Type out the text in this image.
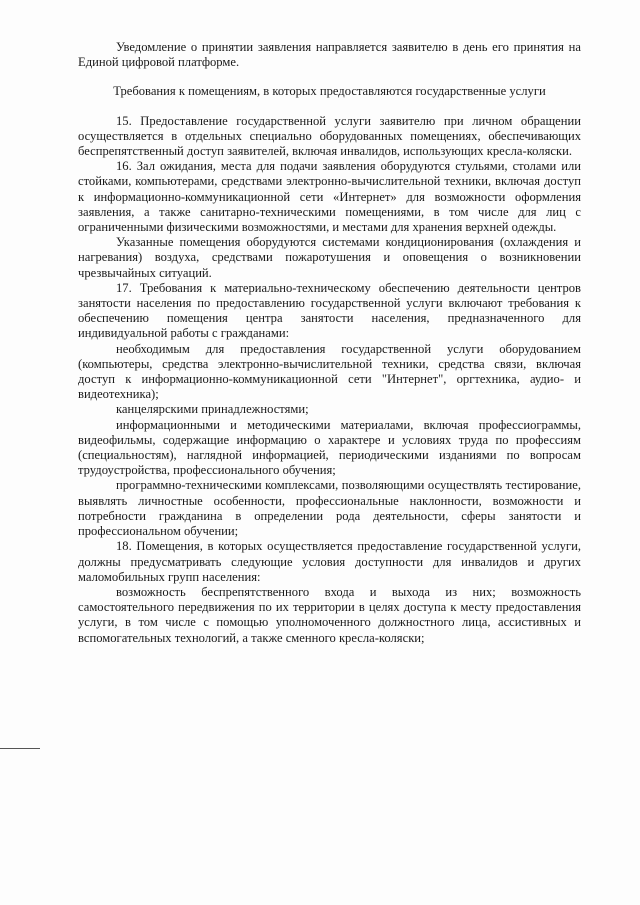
Уведомление о принятии заявления направляется заявителю в день его принятия на Единой цифровой платформе.

Требования к помещениям, в которых предоставляются государственные услуги

15. Предоставление государственной услуги заявителю при личном обращении осуществляется в отдельных специально оборудованных помещениях, обеспечивающих беспрепятственный доступ заявителей, включая инвалидов, использующих кресла-коляски.

16. Зал ожидания, места для подачи заявления оборудуются стульями, столами или стойками, компьютерами, средствами электронно-вычислительной техники, включая доступ к информационно-коммуникационной сети «Интернет» для возможности оформления заявления, а также санитарно-техническими помещениями, в том числе для лиц с ограниченными физическими возможностями, и местами для хранения верхней одежды.

Указанные помещения оборудуются системами кондиционирования (охлаждения и нагревания) воздуха, средствами пожаротушения и оповещения о возникновении чрезвычайных ситуаций.

17. Требования к материально-техническому обеспечению деятельности центров занятости населения по предоставлению государственной услуги включают требования к обеспечению помещения центра занятости населения, предназначенного для индивидуальной работы с гражданами:

необходимым для предоставления государственной услуги оборудованием (компьютеры, средства электронно-вычислительной техники, средства связи, включая доступ к информационно-коммуникационной сети "Интернет", оргтехника, аудио- и видеотехника);

канцелярскими принадлежностями;

информационными и методическими материалами, включая профессиограммы, видеофильмы, содержащие информацию о характере и условиях труда по профессиям (специальностям), наглядной информацией, периодическими изданиями по вопросам трудоустройства, профессионального обучения;

программно-техническими комплексами, позволяющими осуществлять тестирование, выявлять личностные особенности, профессиональные наклонности, возможности и потребности гражданина в определении рода деятельности, сферы занятости и профессиональном обучении;

18. Помещения, в которых осуществляется предоставление государственной услуги, должны предусматривать следующие условия доступности для инвалидов и других маломобильных групп населения:

возможность беспрепятственного входа и выхода из них; возможность самостоятельного передвижения по их территории в целях доступа к месту предоставления услуги, в том числе с помощью уполномоченного должностного лица, ассистивных и вспомогательных технологий, а также сменного кресла-коляски;
